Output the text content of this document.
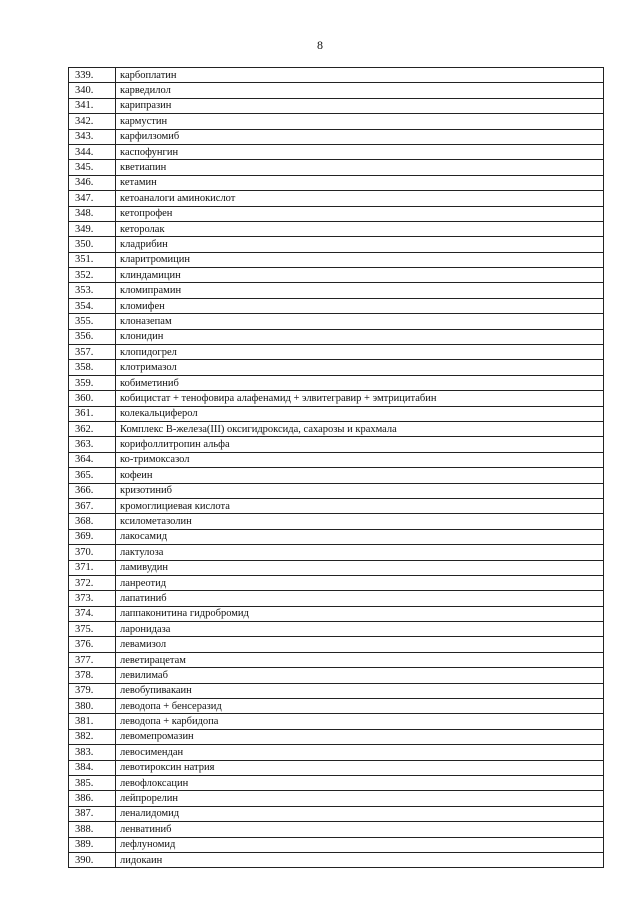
8
339.	карбоплатин
340.	карведилол
341.	карипразин
342.	кармустин
343.	карфилзомиб
344.	каспофунгин
345.	кветиапин
346.	кетамин
347.	кетоаналоги аминокислот
348.	кетопрофен
349.	кеторолак
350.	кладрибин
351.	кларитромицин
352.	клиндамицин
353.	кломипрамин
354.	кломифен
355.	клоназепам
356.	клонидин
357.	клопидогрел
358.	клотримазол
359.	кобиметиниб
360.	кобицистат + тенофовира алафенамид + элвитегравир + эмтрицитабин
361.	колекальциферол
362.	Комплекс В-железа(III) оксигидроксида, сахарозы и крахмала
363.	корифоллитропин альфа
364.	ко-тримоксазол
365.	кофеин
366.	кризотиниб
367.	кромоглициевая кислота
368.	ксилометазолин
369.	лакосамид
370.	лактулоза
371.	ламивудин
372.	ланреотид
373.	лапатиниб
374.	лаппаконитина гидробромид
375.	ларонидаза
376.	левамизол
377.	леветирацетам
378.	левилимаб
379.	левобупивакаин
380.	леводопа + бенсеразид
381.	леводопа + карбидопа
382.	левомепромазин
383.	левосимендан
384.	левотироксин натрия
385.	левофлоксацин
386.	лейпрорелин
387.	леналидомид
388.	ленватиниб
389.	лефлуномид
390.	лидокаин
